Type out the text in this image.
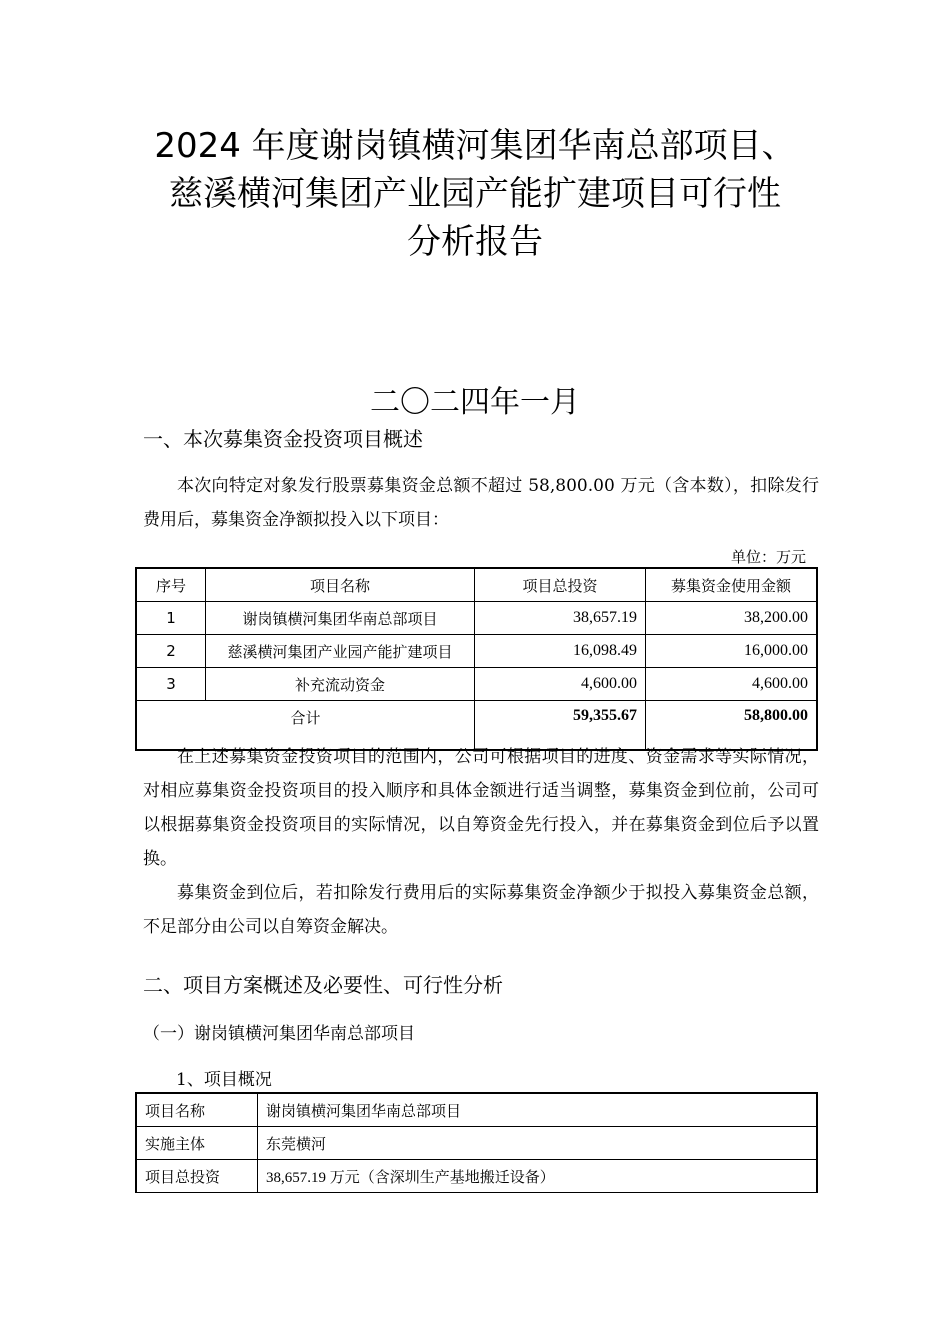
2024 年度谢岗镇横河集团华南总部项目、
慈溪横河集团产业园产能扩建项目可行性
分析报告
二〇二四年一月
一、本次募集资金投资项目概述
本次向特定对象发行股票募集资金总额不超过 58,800.00 万元（含本数），扣除发行费用后，募集资金净额拟投入以下项目：
单位：万元
序号	项目名称	项目总投资	募集资金使用金额
1	谢岗镇横河集团华南总部项目	38,657.19	38,200.00
2	慈溪横河集团产业园产能扩建项目	16,098.49	16,000.00
3	补充流动资金	4,600.00	4,600.00
合计		59,355.67	58,800.00
在上述募集资金投资项目的范围内，公司可根据项目的进度、资金需求等实际情况，对相应募集资金投资项目的投入顺序和具体金额进行适当调整，募集资金到位前，公司可以根据募集资金投资项目的实际情况，以自筹资金先行投入，并在募集资金到位后予以置换。
募集资金到位后，若扣除发行费用后的实际募集资金净额少于拟投入募集资金总额，不足部分由公司以自筹资金解决。
二、项目方案概述及必要性、可行性分析
（一）谢岗镇横河集团华南总部项目
1、项目概况
项目名称	谢岗镇横河集团华南总部项目
实施主体	东莞横河
项目总投资	38,657.19 万元（含深圳生产基地搬迁设备）
